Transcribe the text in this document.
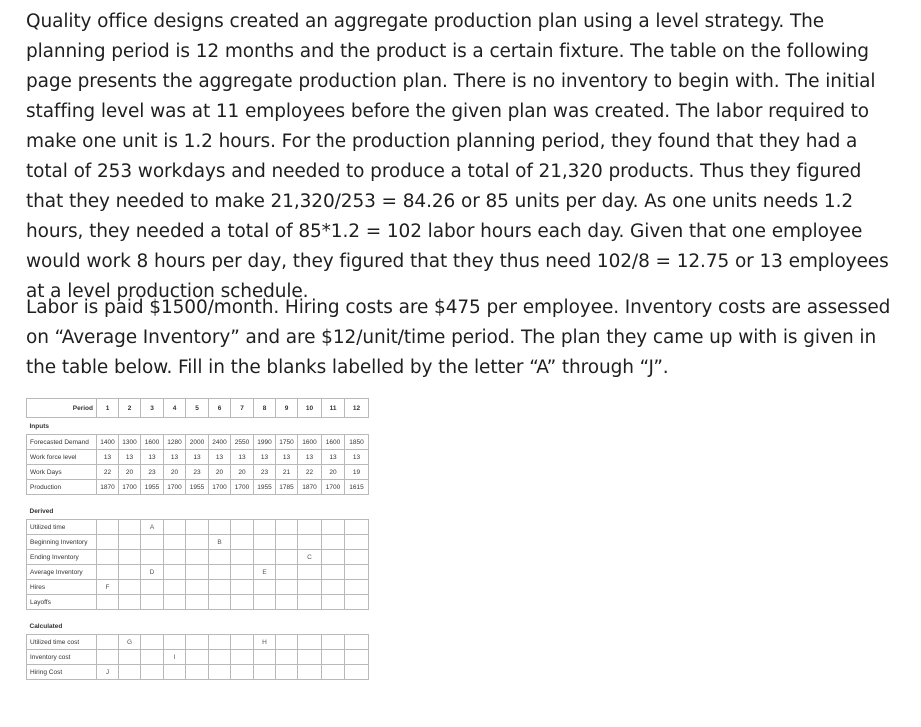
Quality office designs created an aggregate production plan using a level strategy. The planning period is 12 months and the product is a certain fixture. The table on the following page presents the aggregate production plan. There is no inventory to begin with. The initial staffing level was at 11 employees before the given plan was created. The labor required to make one unit is 1.2 hours. For the production planning period, they found that they had a total of 253 workdays and needed to produce a total of 21,320 products. Thus they figured that they needed to make 21,320/253 = 84.26 or 85 units per day. As one units needs 1.2 hours, they needed a total of 85*1.2 = 102 labor hours each day. Given that one employee would work 8 hours per day, they figured that they thus need 102/8 = 12.75 or 13 employees at a level production schedule.

Labor is paid $1500/month. Hiring costs are $475 per employee. Inventory costs are assessed on “Average Inventory” and are $12/unit/time period. The plan they came up with is given in the table below. Fill in the blanks labelled by the letter “A” through “J”.

Period	1	2	3	4	5	6	7	8	9	10	11	12
Inputs												
Forecasted Demand	1400	1300	1600	1280	2000	2400	2550	1990	1750	1600	1600	1850
Work force level	13	13	13	13	13	13	13	13	13	13	13	13
Work Days	22	20	23	20	23	20	20	23	21	22	20	19
Production	1870	1700	1955	1700	1955	1700	1700	1955	1785	1870	1700	1615

Derived												
Utilized time			A									
Beginning Inventory						B						
Ending Inventory										C		
Average Inventory			D					E				
Hires	F											
Layoffs												

Calculated												
Utilized time cost		G						H				
Inventory cost				I								
Hiring Cost	J											
